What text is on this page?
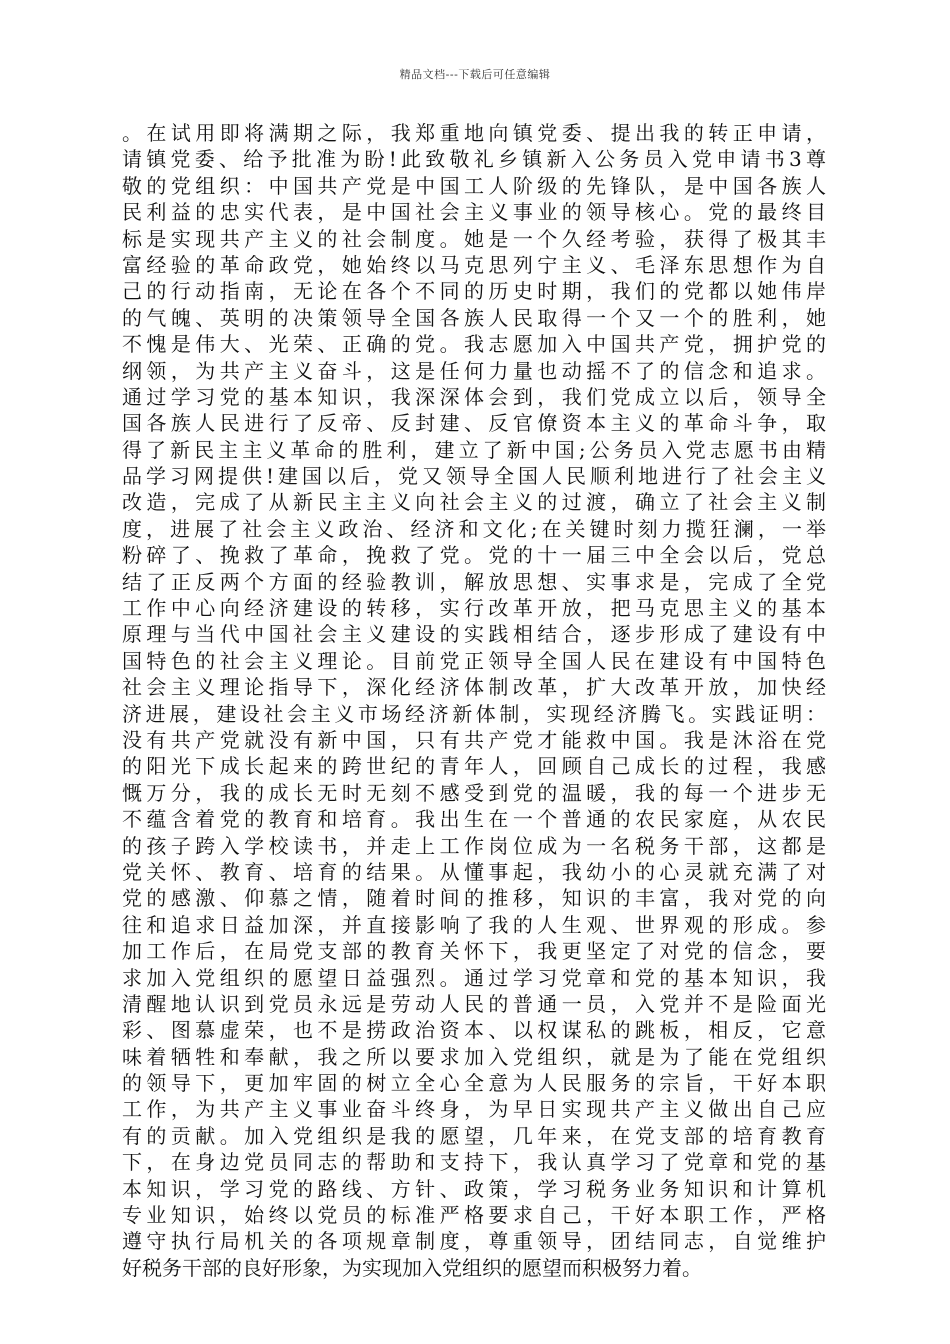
精品文档---下载后可任意编辑
。在试用即将满期之际，我郑重地向镇党委、提出我的转正申请，
请镇党委、给予批准为盼!此致敬礼乡镇新入公务员入党申请书3尊
敬的党组织：中国共产党是中国工人阶级的先锋队，是中国各族人
民利益的忠实代表，是中国社会主义事业的领导核心。党的最终目
标是实现共产主义的社会制度。她是一个久经考验，获得了极其丰
富经验的革命政党，她始终以马克思列宁主义、毛泽东思想作为自
己的行动指南，无论在各个不同的历史时期，我们的党都以她伟岸
的气魄、英明的决策领导全国各族人民取得一个又一个的胜利，她
不愧是伟大、光荣、正确的党。我志愿加入中国共产党，拥护党的
纲领，为共产主义奋斗，这是任何力量也动摇不了的信念和追求。
通过学习党的基本知识，我深深体会到，我们党成立以后，领导全
国各族人民进行了反帝、反封建、反官僚资本主义的革命斗争，取
得了新民主主义革命的胜利，建立了新中国;公务员入党志愿书由精
品学习网提供!建国以后，党又领导全国人民顺利地进行了社会主义
改造，完成了从新民主主义向社会主义的过渡，确立了社会主义制
度，进展了社会主义政治、经济和文化;在关键时刻力揽狂澜，一举
粉碎了、挽救了革命，挽救了党。党的十一届三中全会以后，党总
结了正反两个方面的经验教训，解放思想、实事求是，完成了全党
工作中心向经济建设的转移，实行改革开放，把马克思主义的基本
原理与当代中国社会主义建设的实践相结合，逐步形成了建设有中
国特色的社会主义理论。目前党正领导全国人民在建设有中国特色
社会主义理论指导下，深化经济体制改革，扩大改革开放，加快经
济进展，建设社会主义市场经济新体制，实现经济腾飞。实践证明：
没有共产党就没有新中国，只有共产党才能救中国。我是沐浴在党
的阳光下成长起来的跨世纪的青年人，回顾自己成长的过程，我感
慨万分，我的成长无时无刻不感受到党的温暖，我的每一个进步无
不蕴含着党的教育和培育。我出生在一个普通的农民家庭，从农民
的孩子跨入学校读书，并走上工作岗位成为一名税务干部，这都是
党关怀、教育、培育的结果。从懂事起，我幼小的心灵就充满了对
党的感激、仰慕之情，随着时间的推移，知识的丰富，我对党的向
往和追求日益加深，并直接影响了我的人生观、世界观的形成。参
加工作后，在局党支部的教育关怀下，我更坚定了对党的信念，要
求加入党组织的愿望日益强烈。通过学习党章和党的基本知识，我
清醒地认识到党员永远是劳动人民的普通一员，入党并不是险面光
彩、图慕虚荣，也不是捞政治资本、以权谋私的跳板，相反，它意
味着牺牲和奉献，我之所以要求加入党组织，就是为了能在党组织
的领导下，更加牢固的树立全心全意为人民服务的宗旨，干好本职
工作，为共产主义事业奋斗终身，为早日实现共产主义做出自己应
有的贡献。加入党组织是我的愿望，几年来，在党支部的培育教育
下，在身边党员同志的帮助和支持下，我认真学习了党章和党的基
本知识，学习党的路线、方针、政策，学习税务业务知识和计算机
专业知识，始终以党员的标准严格要求自己，干好本职工作，严格
遵守执行局机关的各项规章制度，尊重领导，团结同志，自觉维护
好税务干部的良好形象，为实现加入党组织的愿望而积极努力着。
